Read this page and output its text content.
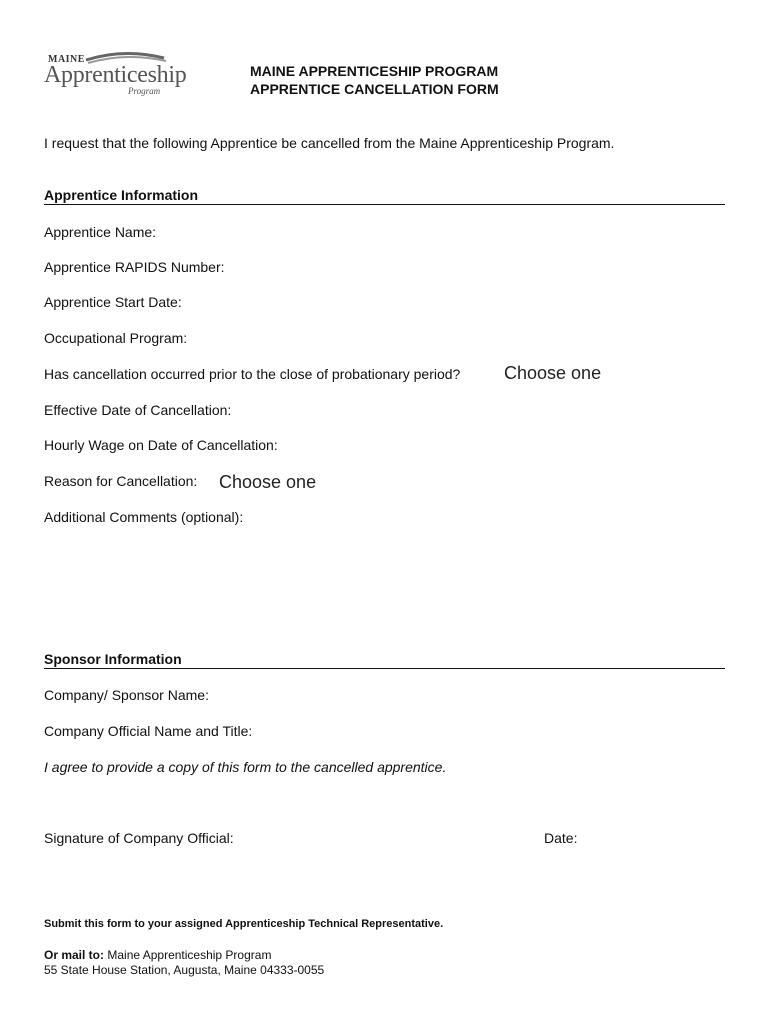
MAINE
Apprenticeship
Program
MAINE APPRENTICESHIP PROGRAM
APPRENTICE CANCELLATION FORM
I request that the following Apprentice be cancelled from the Maine Apprenticeship Program.
Apprentice Information
Apprentice Name:
Apprentice RAPIDS Number:
Apprentice Start Date:
Occupational Program:
Has cancellation occurred prior to the close of probationary period? Choose one
Effective Date of Cancellation:
Hourly Wage on Date of Cancellation:
Reason for Cancellation: Choose one
Additional Comments (optional):
Sponsor Information
Company/ Sponsor Name:
Company Official Name and Title:
I agree to provide a copy of this form to the cancelled apprentice.
Signature of Company Official:	Date:
Submit this form to your assigned Apprenticeship Technical Representative.
Or mail to: Maine Apprenticeship Program
55 State House Station, Augusta, Maine 04333-0055
